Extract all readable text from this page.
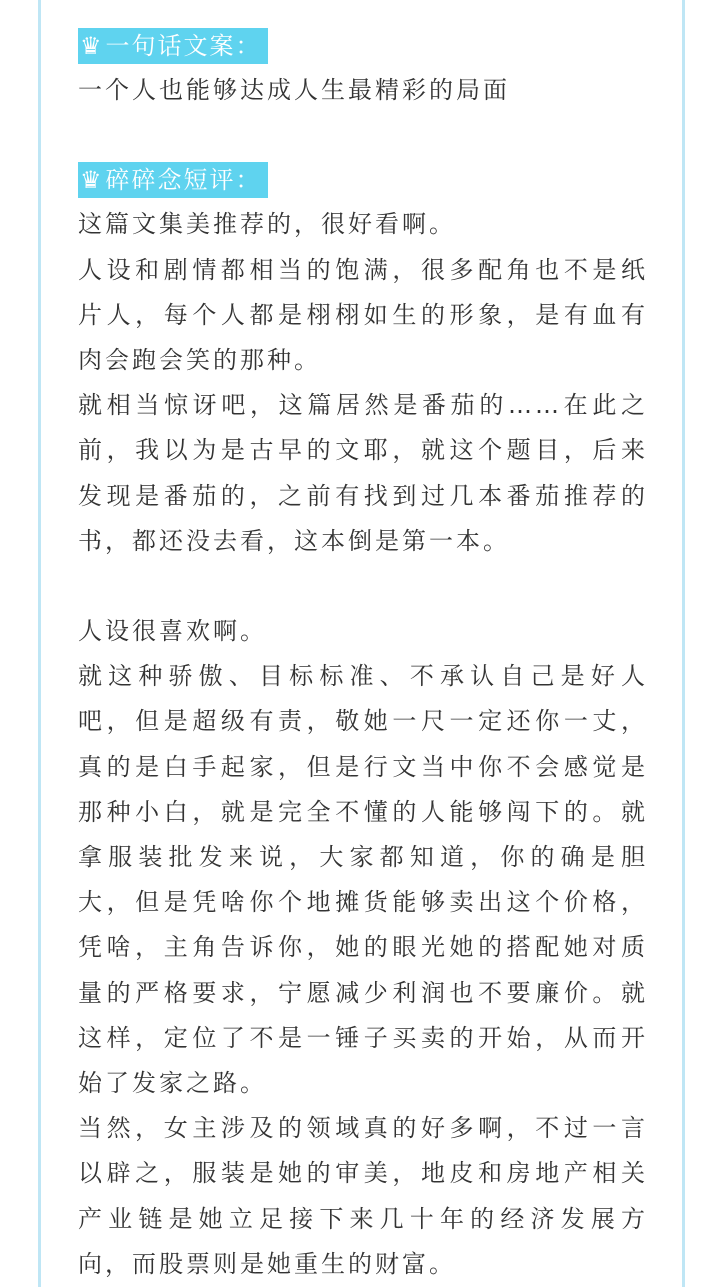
♛一句话文案：
一个人也能够达成人生最精彩的局面
♛碎碎念短评：
这篇文集美推荐的，很好看啊。
人设和剧情都相当的饱满，很多配角也不是纸
片人，每个人都是栩栩如生的形象，是有血有
肉会跑会笑的那种。
就相当惊讶吧，这篇居然是番茄的……在此之
前，我以为是古早的文耶，就这个题目，后来
发现是番茄的，之前有找到过几本番茄推荐的
书，都还没去看，这本倒是第一本。
人设很喜欢啊。
就这种骄傲、目标标准、不承认自己是好人
吧，但是超级有责，敬她一尺一定还你一丈，
真的是白手起家，但是行文当中你不会感觉是
那种小白，就是完全不懂的人能够闯下的。就
拿服装批发来说，大家都知道，你的确是胆
大，但是凭啥你个地摊货能够卖出这个价格，
凭啥，主角告诉你，她的眼光她的搭配她对质
量的严格要求，宁愿减少利润也不要廉价。就
这样，定位了不是一锤子买卖的开始，从而开
始了发家之路。
当然，女主涉及的领域真的好多啊，不过一言
以辟之，服装是她的审美，地皮和房地产相关
产业链是她立足接下来几十年的经济发展方
向，而股票则是她重生的财富。
